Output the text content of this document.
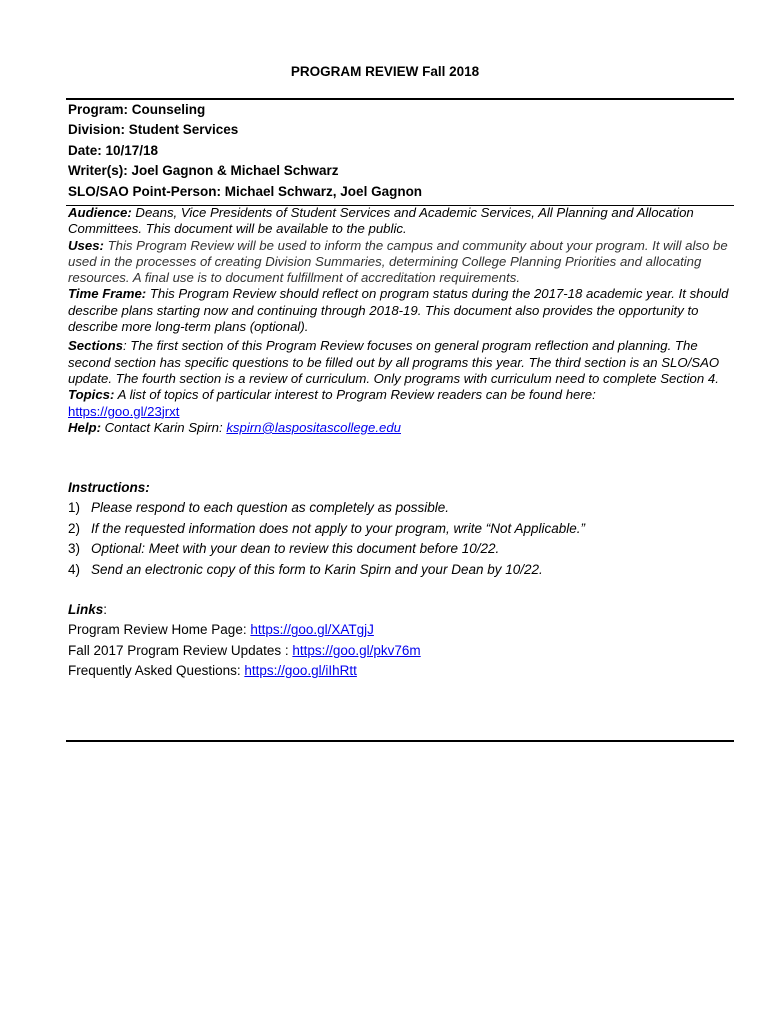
PROGRAM REVIEW Fall 2018
Program: Counseling
Division: Student Services
Date: 10/17/18
Writer(s): Joel Gagnon & Michael Schwarz
SLO/SAO Point-Person: Michael Schwarz, Joel Gagnon

Audience: Deans, Vice Presidents of Student Services and Academic Services, All Planning and Allocation Committees. This document will be available to the public.

Uses: This Program Review will be used to inform the campus and community about your program. It will also be used in the processes of creating Division Summaries, determining College Planning Priorities and allocating resources. A final use is to document fulfillment of accreditation requirements.

Time Frame: This Program Review should reflect on program status during the 2017-18 academic year. It should describe plans starting now and continuing through 2018-19. This document also provides the opportunity to describe more long-term plans (optional).

Sections: The first section of this Program Review focuses on general program reflection and planning. The second section has specific questions to be filled out by all programs this year. The third section is an SLO/SAO update. The fourth section is a review of curriculum. Only programs with curriculum need to complete Section 4.

Topics: A list of topics of particular interest to Program Review readers can be found here:
https://goo.gl/23jrxt

Help: Contact Karin Spirn: kspirn@laspositascollege.edu

Instructions:
1) Please respond to each question as completely as possible.
2) If the requested information does not apply to your program, write “Not Applicable.”
3) Optional: Meet with your dean to review this document before 10/22.
4) Send an electronic copy of this form to Karin Spirn and your Dean by 10/22.
Links:
Program Review Home Page: https://goo.gl/XATgjJ
Fall 2017 Program Review Updates : https://goo.gl/pkv76m
Frequently Asked Questions: https://goo.gl/iIhRtt
